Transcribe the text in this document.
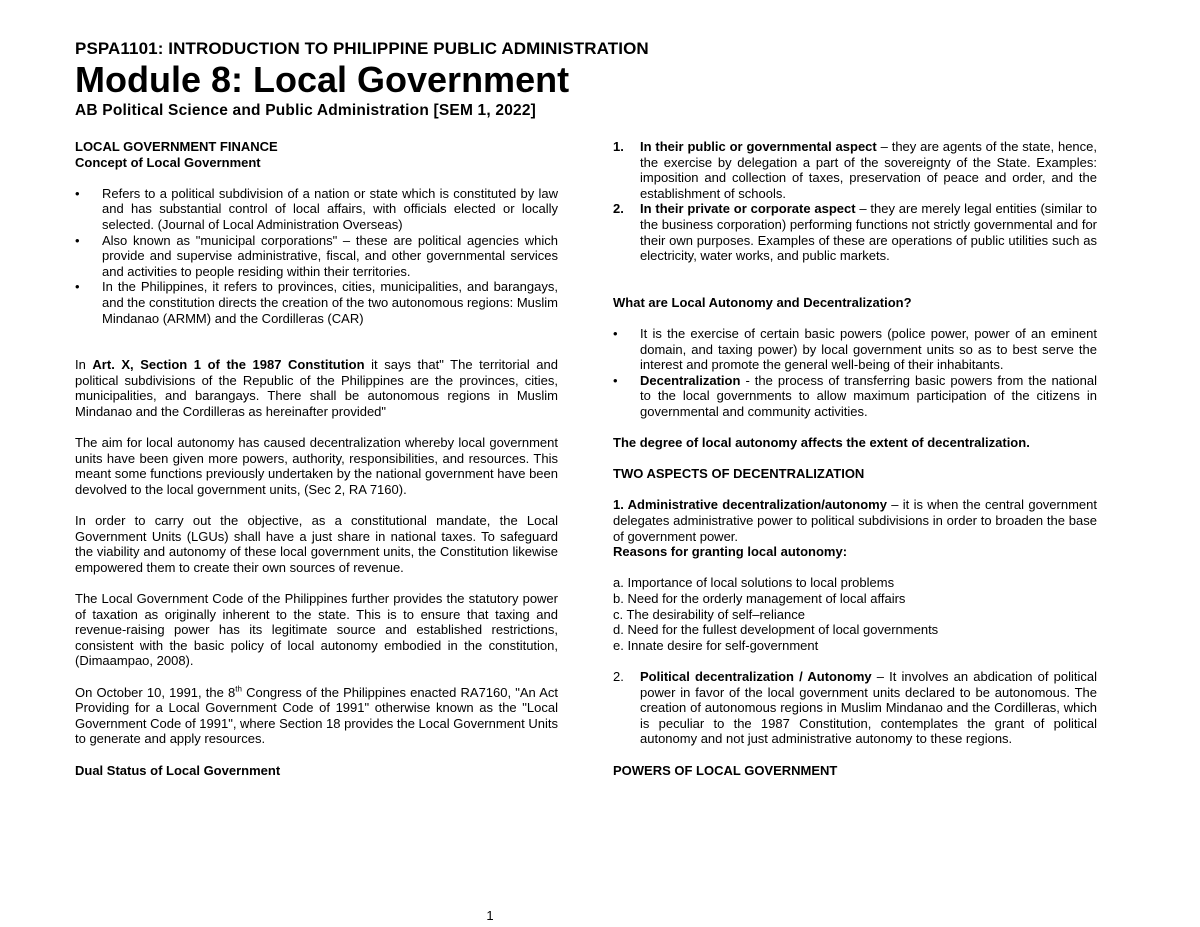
PSPA1101: INTRODUCTION TO PHILIPPINE PUBLIC ADMINISTRATION

Module 8: Local Government

AB Political Science and Public Administration [SEM 1, 2022]

LOCAL GOVERNMENT FINANCE

Concept of Local Government

•	Refers to a political subdivision of a nation or state which is constituted by law and has substantial control of local affairs, with officials elected or locally selected. (Journal of Local Administration Overseas)
•	Also known as "municipal corporations" – these are political agencies which provide and supervise administrative, fiscal, and other governmental services and activities to people residing within their territories.
•	In the Philippines, it refers to provinces, cities, municipalities, and barangays, and the constitution directs the creation of the two autonomous regions: Muslim Mindanao (ARMM) and the Cordilleras (CAR)

In Art. X, Section 1 of the 1987 Constitution it says that" The territorial and political subdivisions of the Republic of the Philippines are the provinces, cities, municipalities, and barangays. There shall be autonomous regions in Muslim Mindanao and the Cordilleras as hereinafter provided"

The aim for local autonomy has caused decentralization whereby local government units have been given more powers, authority, responsibilities, and resources. This meant some functions previously undertaken by the national government have been devolved to the local government units, (Sec 2, RA 7160).

In order to carry out the objective, as a constitutional mandate, the Local Government Units (LGUs) shall have a just share in national taxes. To safeguard the viability and autonomy of these local government units, the Constitution likewise empowered them to create their own sources of revenue.

The Local Government Code of the Philippines further provides the statutory power of taxation as originally inherent to the state. This is to ensure that taxing and revenue-raising power has its legitimate source and established restrictions, consistent with the basic policy of local autonomy embodied in the constitution, (Dimaampao, 2008).

On October 10, 1991, the 8th Congress of the Philippines enacted RA7160, "An Act Providing for a Local Government Code of 1991" otherwise known as the "Local Government Code of 1991", where Section 18 provides the Local Government Units to generate and apply resources.

Dual Status of Local Government

1. In their public or governmental aspect – they are agents of the state, hence, the exercise by delegation a part of the sovereignty of the State. Examples: imposition and collection of taxes, preservation of peace and order, and the establishment of schools.
2. In their private or corporate aspect – they are merely legal entities (similar to the business corporation) performing functions not strictly governmental and for their own purposes. Examples of these are operations of public utilities such as electricity, water works, and public markets.

What are Local Autonomy and Decentralization?

•	It is the exercise of certain basic powers (police power, power of an eminent domain, and taxing power) by local government units so as to best serve the interest and promote the general well-being of their inhabitants.
•	Decentralization - the process of transferring basic powers from the national to the local governments to allow maximum participation of the citizens in governmental and community activities.

The degree of local autonomy affects the extent of decentralization.

TWO ASPECTS OF DECENTRALIZATION

1. Administrative decentralization/autonomy – it is when the central government delegates administrative power to political subdivisions in order to broaden the base of government power.

Reasons for granting local autonomy:

a. Importance of local solutions to local problems

b. Need for the orderly management of local affairs

c. The desirability of self–reliance

d. Need for the fullest development of local governments

e. Innate desire for self-government

2. Political decentralization / Autonomy – It involves an abdication of political power in favor of the local government units declared to be autonomous. The creation of autonomous regions in Muslim Mindanao and the Cordilleras, which is peculiar to the 1987 Constitution, contemplates the grant of political autonomy and not just administrative autonomy to these regions.

POWERS OF LOCAL GOVERNMENT

1
